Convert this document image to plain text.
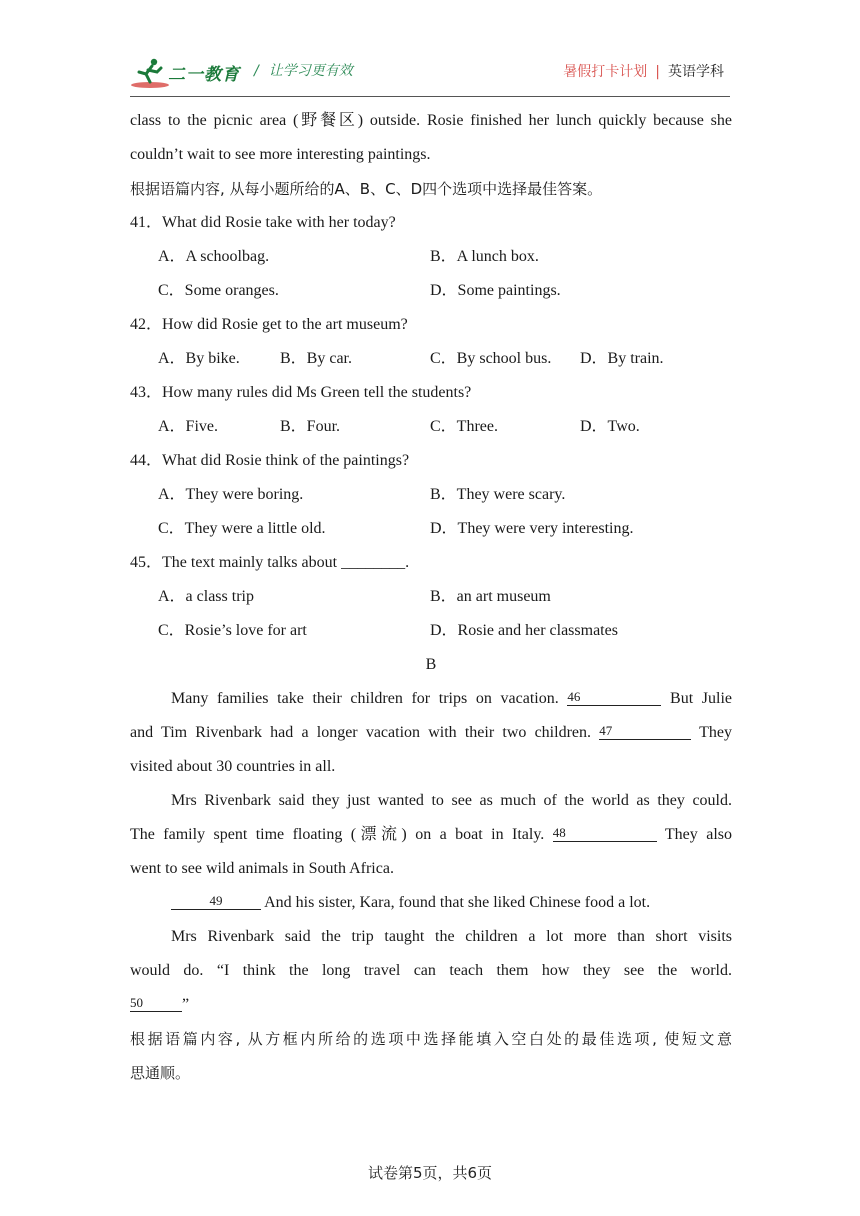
二一教育 / 让学习更有效	暑假打卡计划 | 英语学科
class to the picnic area (野餐区) outside. Rosie finished her lunch quickly because she
couldn’t wait to see more interesting paintings.
根据语篇内容, 从每小题所给的A、B、C、D四个选项中选择最佳答案。
41．What did Rosie take with her today?
A．A schoolbag.	B．A lunch box.
C．Some oranges.	D．Some paintings.
42．How did Rosie get to the art museum?
A．By bike.	B．By car.	C．By school bus. D．By train.
43．How many rules did Ms Green tell the students?
A．Five.	B．Four.	C．Three.	D．Two.
44．What did Rosie think of the paintings?
A．They were boring.	B．They were scary.
C．They were a little old.	D．They were very interesting.
45．The text mainly talks about ________.
A．a class trip	B．an art museum
C．Rosie’s love for art	D．Rosie and her classmates
B
Many families take their children for trips on vacation. 46	But Julie
and Tim Rivenbark had a longer vacation with their two children. 47	They
visited about 30 countries in all.
Mrs Rivenbark said they just wanted to see as much of the world as they could.
The family spent time floating (漂流) on a boat in Italy. 48	They also
went to see wild animals in South Africa.
49	And his sister, Kara, found that she liked Chinese food a lot.
Mrs Rivenbark said the trip taught the children a lot more than short visits
would do. “I think the long travel can teach them how they see the world.
50 ”
根据语篇内容, 从方框内所给的选项中选择能填入空白处的最佳选项, 使短文意
思通顺。
试卷第5页，共6页
